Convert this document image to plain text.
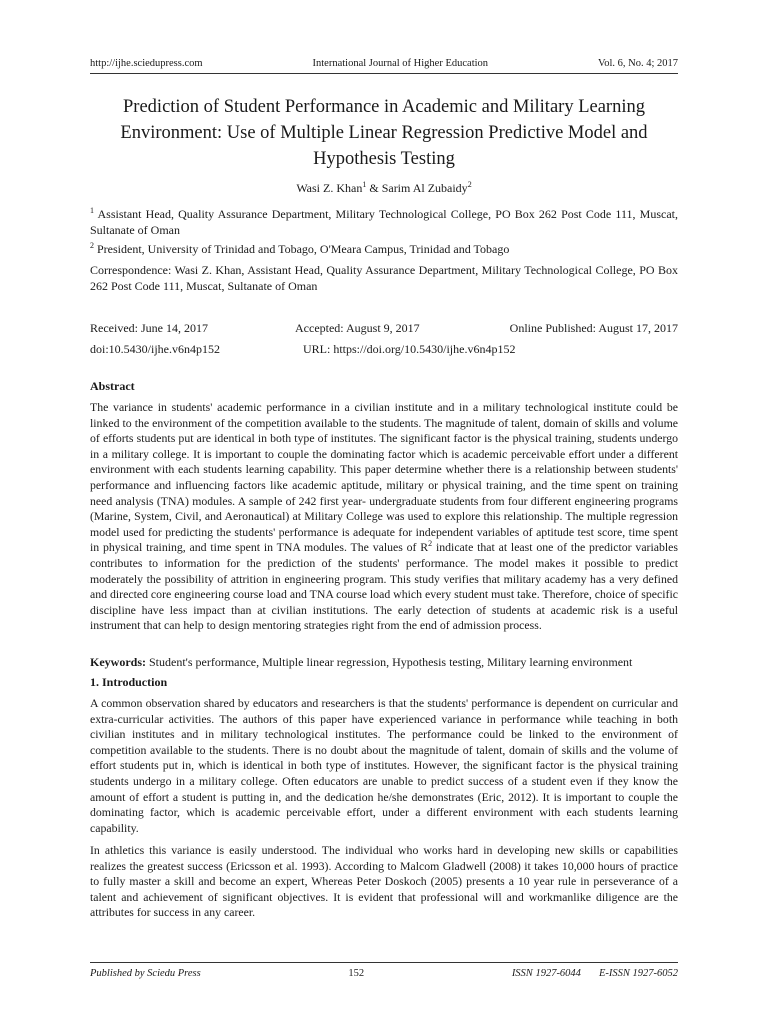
http://ijhe.sciedupress.com	International Journal of Higher Education	Vol. 6, No. 4; 2017
Prediction of Student Performance in Academic and Military Learning Environment: Use of Multiple Linear Regression Predictive Model and Hypothesis Testing
Wasi Z. Khan$^1$ & Sarim Al Zubaidy$^2$
$^1$ Assistant Head, Quality Assurance Department, Military Technological College, PO Box 262 Post Code 111, Muscat, Sultanate of Oman
$^2$ President, University of Trinidad and Tobago, O'Meara Campus, Trinidad and Tobago
Correspondence: Wasi Z. Khan, Assistant Head, Quality Assurance Department, Military Technological College, PO Box 262 Post Code 111, Muscat, Sultanate of Oman
Received: June 14, 2017	Accepted: August 9, 2017	Online Published: August 17, 2017
doi:10.5430/ijhe.v6n4p152	URL: https://doi.org/10.5430/ijhe.v6n4p152
Abstract
The variance in students' academic performance in a civilian institute and in a military technological institute could be linked to the environment of the competition available to the students. The magnitude of talent, domain of skills and volume of efforts students put are identical in both type of institutes. The significant factor is the physical training, students undergo in a military college. It is important to couple the dominating factor which is academic perceivable effort under a different environment with each students learning capability. This paper determine whether there is a relationship between students' performance and influencing factors like academic aptitude, military or physical training, and the time spent on training need analysis (TNA) modules. A sample of 242 first year- undergraduate students from four different engineering programs (Marine, System, Civil, and Aeronautical) at Military College was used to explore this relationship. The multiple regression model used for predicting the students' performance is adequate for independent variables of aptitude test score, time spent in physical training, and time spent in TNA modules. The values of $R^2$ indicate that at least one of the predictor variables contributes to information for the prediction of the students' performance. The model makes it possible to predict moderately the possibility of attrition in engineering program. This study verifies that military academy has a very defined and directed core engineering course load and TNA course load which every student must take. Therefore, choice of specific discipline have less impact than at civilian institutions. The early detection of students at academic risk is a useful instrument that can help to design mentoring strategies right from the end of admission process.
Keywords: Student's performance, Multiple linear regression, Hypothesis testing, Military learning environment
1. Introduction
A common observation shared by educators and researchers is that the students' performance is dependent on curricular and extra-curricular activities. The authors of this paper have experienced variance in performance while teaching in both civilian institutes and in military technological institutes. The performance could be linked to the environment of competition available to the students. There is no doubt about the magnitude of talent, domain of skills and the volume of effort students put in, which is identical in both type of institutes. However, the significant factor is the physical training students undergo in a military college. Often educators are unable to predict success of a student even if they know the amount of effort a student is putting in, and the dedication he/she demonstrates (Eric, 2012). It is important to couple the dominating factor, which is academic perceivable effort, under a different environment with each students learning capability.
In athletics this variance is easily understood. The individual who works hard in developing new skills or capabilities realizes the greatest success (Ericsson et al. 1993). According to Malcom Gladwell (2008) it takes 10,000 hours of practice to fully master a skill and become an expert, Whereas Peter Doskoch (2005) presents a 10 year rule in perseverance of a talent and achievement of significant objectives. It is evident that professional will and workmanlike diligence are the attributes for success in any career.
Published by Sciedu Press	152	ISSN 1927-6044 E-ISSN 1927-6052
